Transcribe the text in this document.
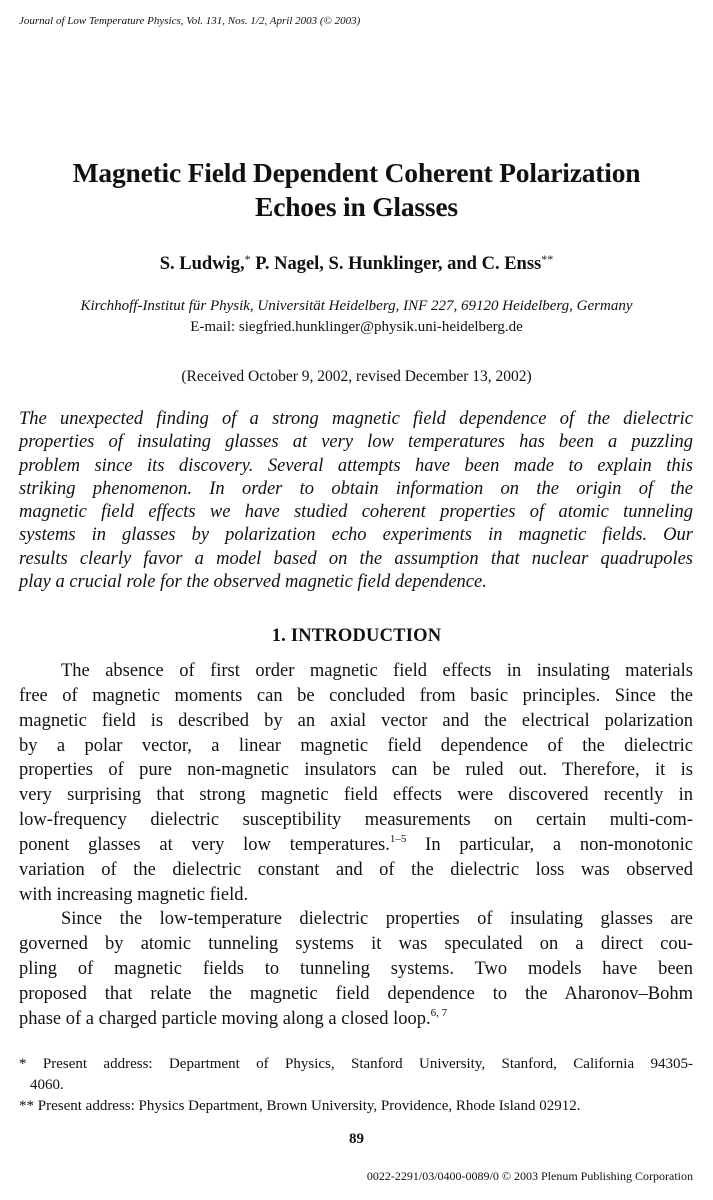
Journal of Low Temperature Physics, Vol. 131, Nos. 1/2, April 2003 (© 2003)
Magnetic Field Dependent Coherent Polarization
Echoes in Glasses
S. Ludwig,* P. Nagel, S. Hunklinger, and C. Enss**
Kirchhoff-Institut für Physik, Universität Heidelberg, INF 227, 69120 Heidelberg, Germany
E-mail: siegfried.hunklinger@physik.uni-heidelberg.de
(Received October 9, 2002, revised December 13, 2002)
The unexpected finding of a strong magnetic field dependence of the dielectric
properties of insulating glasses at very low temperatures has been a puzzling
problem since its discovery. Several attempts have been made to explain this
striking phenomenon. In order to obtain information on the origin of the
magnetic field effects we have studied coherent properties of atomic tunneling
systems in glasses by polarization echo experiments in magnetic fields. Our
results clearly favor a model based on the assumption that nuclear quadrupoles
play a crucial role for the observed magnetic field dependence.
1. INTRODUCTION
The absence of first order magnetic field effects in insulating materials
free of magnetic moments can be concluded from basic principles. Since the
magnetic field is described by an axial vector and the electrical polarization
by a polar vector, a linear magnetic field dependence of the dielectric
properties of pure non-magnetic insulators can be ruled out. Therefore, it is
very surprising that strong magnetic field effects were discovered recently in
low-frequency dielectric susceptibility measurements on certain multi-com-
ponent glasses at very low temperatures.$^{1-5}$ In particular, a non-monotonic
variation of the dielectric constant and of the dielectric loss was observed
with increasing magnetic field.
Since the low-temperature dielectric properties of insulating glasses are
governed by atomic tunneling systems it was speculated on a direct cou-
pling of magnetic fields to tunneling systems. Two models have been
proposed that relate the magnetic field dependence to the Aharonov–Bohm
phase of a charged particle moving along a closed loop.$^{6, 7}$
* Present address: Department of Physics, Stanford University, Stanford, California 94305-
4060.
** Present address: Physics Department, Brown University, Providence, Rhode Island 02912.
89
0022-2291/03/0400-0089/0 © 2003 Plenum Publishing Corporation
